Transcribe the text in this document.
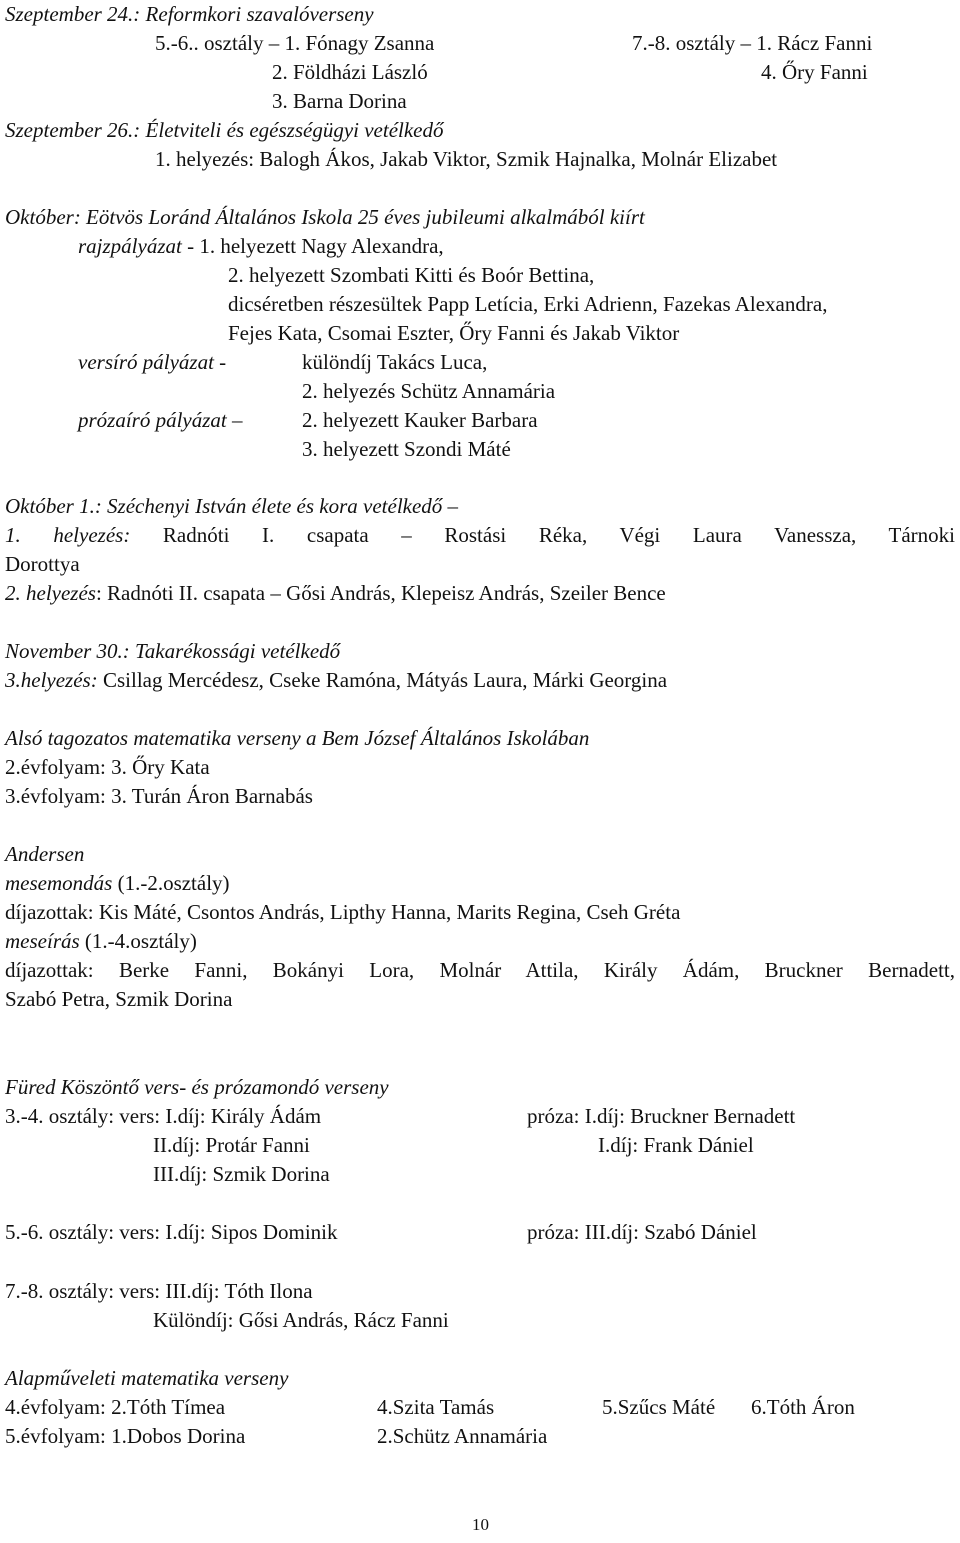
Szeptember 24.: Reformkori szavalóverseny
5.-6.. osztály – 1. Fónagy Zsanna	7.-8. osztály – 1. Rácz Fanni
2. Földházi László	4. Őry Fanni
3. Barna Dorina
Szeptember 26.: Életviteli és egészségügyi vetélkedő
1. helyezés: Balogh Ákos, Jakab Viktor, Szmik Hajnalka, Molnár Elizabet
Október: Eötvös Loránd Általános Iskola 25 éves jubileumi alkalmából kiírt
rajzpályázat - 1. helyezett Nagy Alexandra,
2. helyezett Szombati Kitti és Boór Bettina,
dicséretben részesültek Papp Letícia, Erki Adrienn, Fazekas Alexandra,
Fejes Kata, Csomai Eszter, Őry Fanni és Jakab Viktor
versíró pályázat -	különdíj Takács Luca,
2. helyezés Schütz Annamária
prózaíró pályázat –	2. helyezett Kauker Barbara
3. helyezett Szondi Máté
Október 1.: Széchenyi István élete és kora vetélkedő –
1. helyezés: Radnóti I. csapata – Rostási Réka, Végi Laura Vanessza, Tárnoki
Dorottya
2. helyezés: Radnóti II. csapata – Gősi András, Klepeisz András, Szeiler Bence
November 30.: Takarékossági vetélkedő
3.helyezés: Csillag Mercédesz, Cseke Ramóna, Mátyás Laura, Márki Georgina
Alsó tagozatos matematika verseny a Bem József Általános Iskolában
2.évfolyam: 3. Őry Kata
3.évfolyam: 3. Turán Áron Barnabás
Andersen
mesemondás (1.-2.osztály)
díjazottak: Kis Máté, Csontos András, Lipthy Hanna, Marits Regina, Cseh Gréta
meseírás (1.-4.osztály)
díjazottak: Berke Fanni, Bokányi Lora, Molnár Attila, Király Ádám, Bruckner Bernadett,
Szabó Petra, Szmik Dorina
Füred Köszöntő vers- és prózamondó verseny
3.-4. osztály: vers: I.díj: Király Ádám	próza: I.díj: Bruckner Bernadett
II.díj: Protár Fanni	I.díj: Frank Dániel
III.díj: Szmik Dorina
5.-6. osztály: vers: I.díj: Sipos Dominik	próza: III.díj: Szabó Dániel
7.-8. osztály: vers: III.díj: Tóth Ilona
Különdíj: Gősi András, Rácz Fanni
Alapműveleti matematika verseny
4.évfolyam: 2.Tóth Tímea	4.Szita Tamás	5.Szűcs Máté 6.Tóth Áron
5.évfolyam: 1.Dobos Dorina	2.Schütz Annamária
10
